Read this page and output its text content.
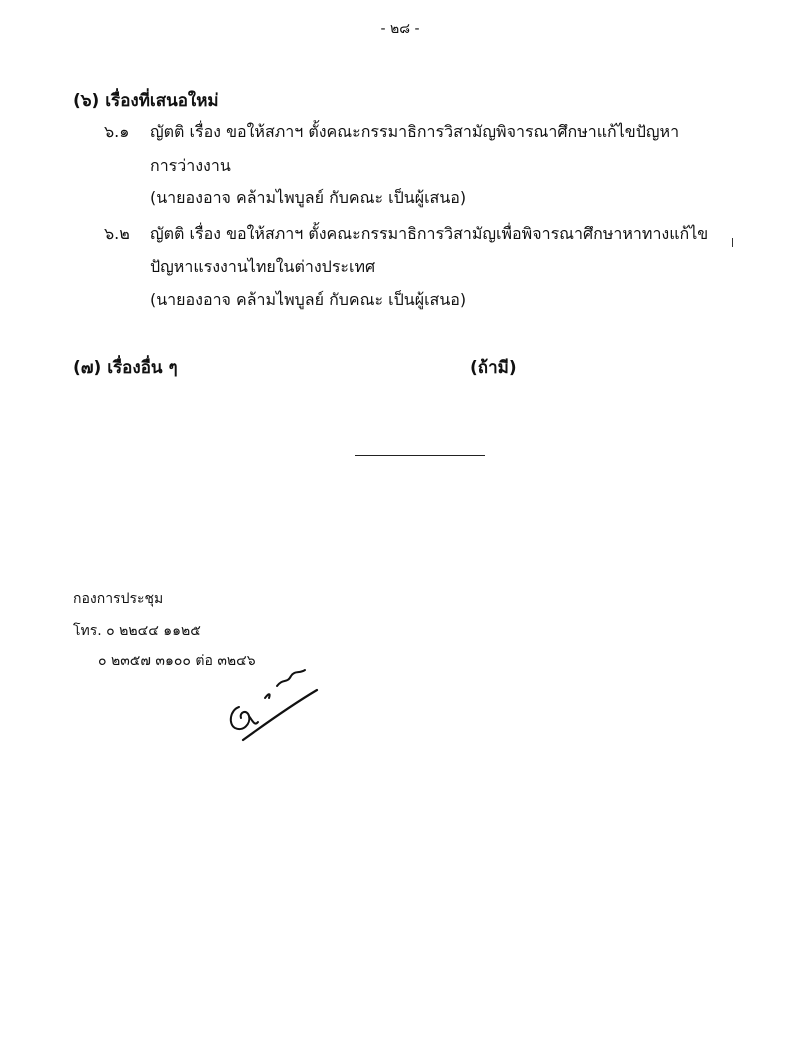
- ๒๘ -
(๖) เรื่องที่เสนอใหม่
๖.๑ ญัตติ เรื่อง ขอให้สภาฯ ตั้งคณะกรรมาธิการวิสามัญพิจารณาศึกษาแก้ไขปัญหา
การว่างงาน
(นายองอาจ คล้ามไพบูลย์ กับคณะ เป็นผู้เสนอ)
๖.๒ ญัตติ เรื่อง ขอให้สภาฯ ตั้งคณะกรรมาธิการวิสามัญเพื่อพิจารณาศึกษาหาทางแก้ไข
ปัญหาแรงงานไทยในต่างประเทศ
(นายองอาจ คล้ามไพบูลย์ กับคณะ เป็นผู้เสนอ)
(๗) เรื่องอื่น ๆ	(ถ้ามี)
กองการประชุม
โทร. ๐ ๒๒๔๔ ๑๑๒๕
๐ ๒๓๕๗ ๓๑๐๐ ต่อ ๓๒๔๖
